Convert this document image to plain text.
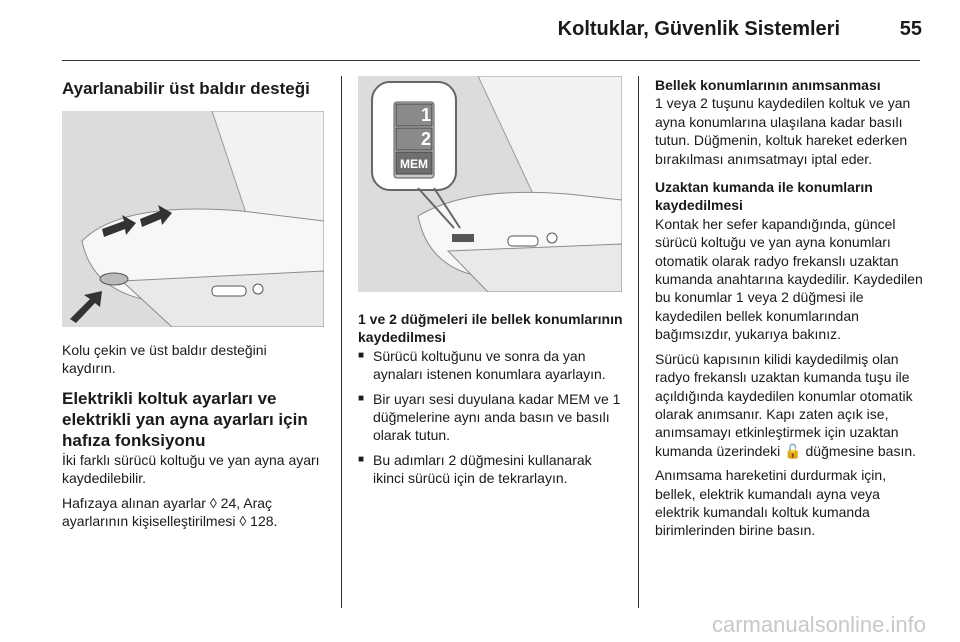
Koltuklar, Güvenlik Sistemleri	55
Ayarlanabilir üst baldır desteği

Kolu çekin ve üst baldır desteğini kaydırın.

Elektrikli koltuk ayarları ve elektrikli yan ayna ayarları için hafıza fonksiyonu

İki farklı sürücü koltuğu ve yan ayna ayarı kaydedilebilir.

Hafızaya alınan ayarlar ◊ 24, Araç ayarlarının kişiselleştirilmesi ◊ 128.

1
2
MEM

1 ve 2 düğmeleri ile bellek konumlarının kaydedilmesi

■ Sürücü koltuğunu ve sonra da yan aynaları istenen konumlara ayarlayın.
■ Bir uyarı sesi duyulana kadar MEM ve 1 düğmelerine aynı anda basın ve basılı olarak tutun.
■ Bu adımları 2 düğmesini kullanarak ikinci sürücü için de tekrarlayın.

Bellek konumlarının anımsanması

1 veya 2 tuşunu kaydedilen koltuk ve yan ayna konumlarına ulaşılana kadar basılı tutun. Düğmenin, koltuk hareket ederken bırakılması anımsatmayı iptal eder.

Uzaktan kumanda ile konumların kaydedilmesi

Kontak her sefer kapandığında, güncel sürücü koltuğu ve yan ayna konumları otomatik olarak radyo frekanslı uzaktan kumanda anahtarına kaydedilir. Kaydedilen bu konumlar 1 veya 2 düğmesi ile kaydedilen bellek konumlarından bağımsızdır, yukarıya bakınız.

Sürücü kapısının kilidi kaydedilmiş olan radyo frekanslı uzaktan kumanda tuşu ile açıldığında kaydedilen konumlar otomatik olarak anımsanır. Kapı zaten açık ise, anımsamayı etkinleştirmek için uzaktan kumanda üzerindeki 🔓 düğmesine basın.

Anımsama hareketini durdurmak için, bellek, elektrik kumandalı ayna veya elektrik kumandalı koltuk kumanda birimlerinden birine basın.

carmanualsonline.info
